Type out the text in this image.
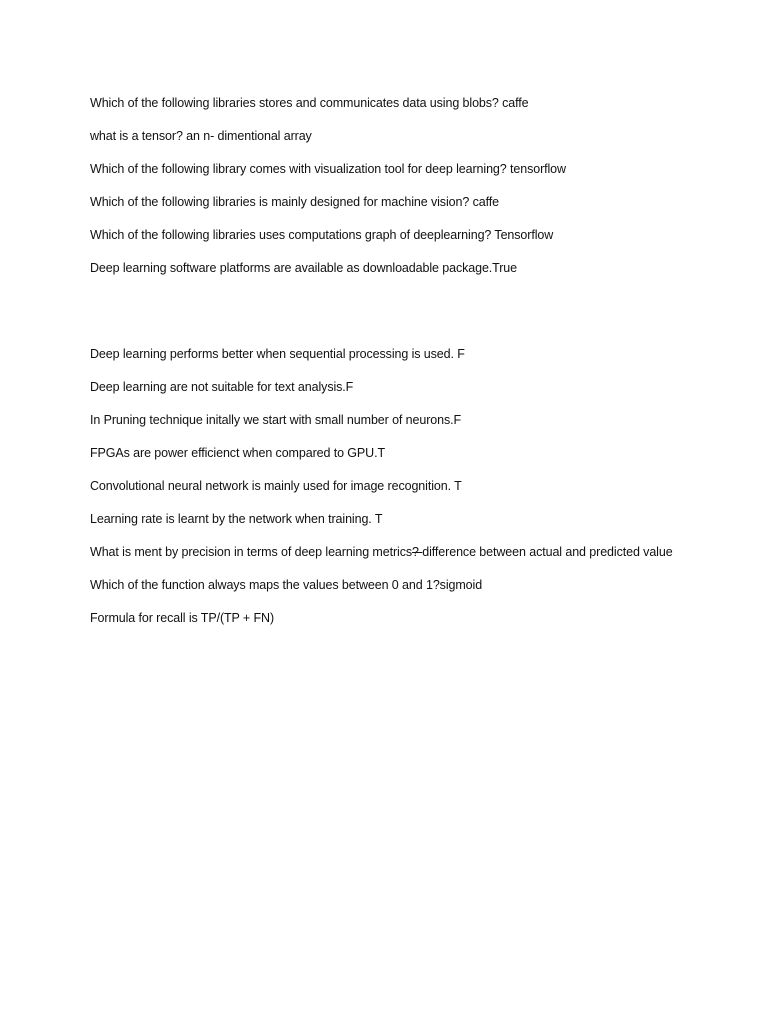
Which of the following libraries stores and communicates data using blobs? caffe
what is a tensor? an n- dimentional array
Which of the following library comes with visualization tool for deep learning? tensorflow
Which of the following libraries is mainly designed for machine vision? caffe
Which of the following libraries uses computations graph of deeplearning? Tensorflow
Deep learning software platforms are available as downloadable package.True
Deep learning performs better when sequential processing is used. F
Deep learning are not suitable for text analysis.F
In Pruning technique initally we start with small number of neurons.F
FPGAs are power efficienct when compared to GPU.T
Convolutional neural network is mainly used for image recognition. T
Learning rate is learnt by the network when training. T
What is ment by precision in terms of deep learning metrics? difference between actual and predicted value
Which of the function always maps the values between 0 and 1?sigmoid
Formula for recall is TP/(TP + FN)
